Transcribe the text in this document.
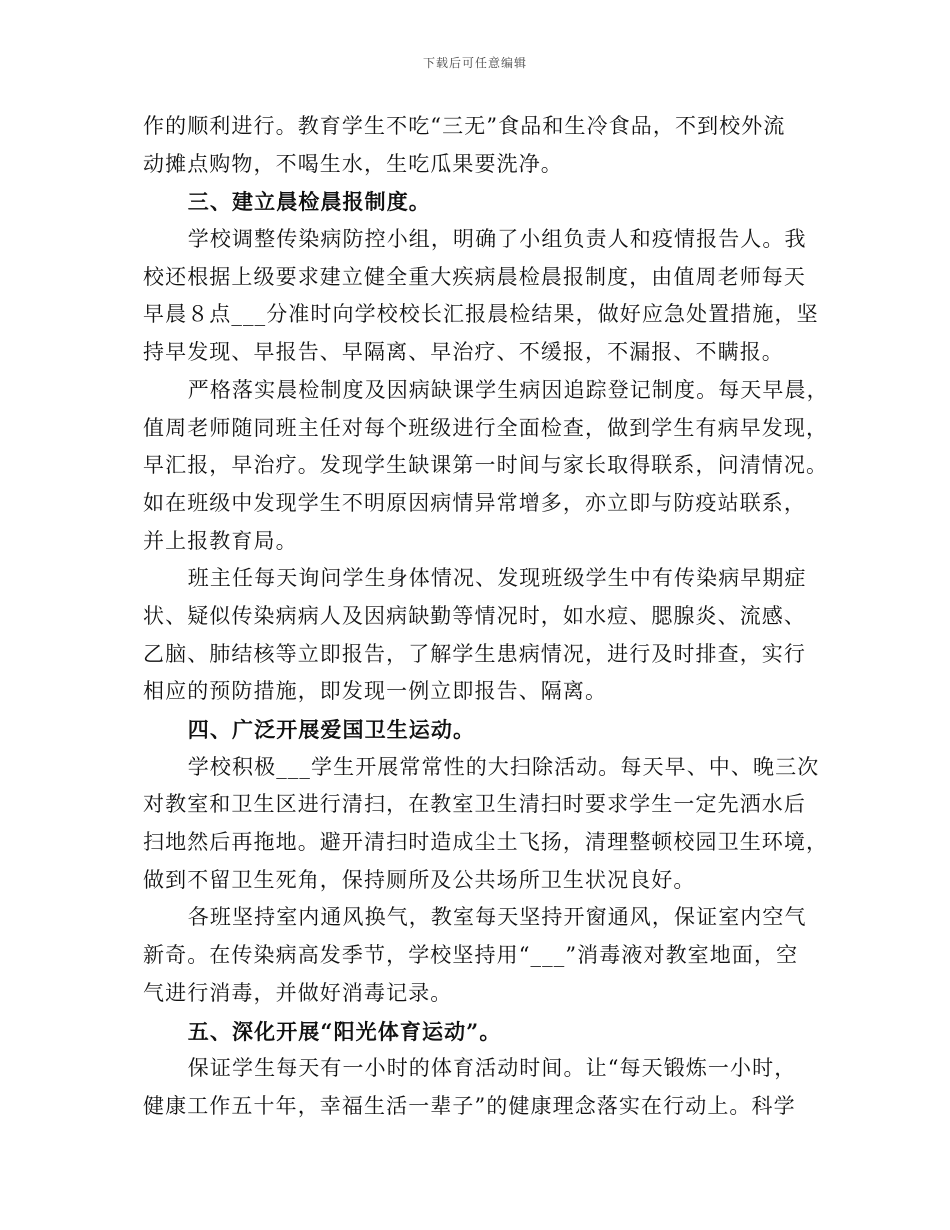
下载后可任意编辑
作的顺利进行。教育学生不吃“三无”食品和生冷食品，不到校外流
动摊点购物，不喝生水，生吃瓜果要洗净。
三、建立晨检晨报制度。
学校调整传染病防控小组，明确了小组负责人和疫情报告人。我
校还根据上级要求建立健全重大疾病晨检晨报制度，由值周老师每天
早晨８点___分准时向学校校长汇报晨检结果，做好应急处置措施，坚
持早发现、早报告、早隔离、早治疗、不缓报，不漏报、不瞒报。
严格落实晨检制度及因病缺课学生病因追踪登记制度。每天早晨，
值周老师随同班主任对每个班级进行全面检查，做到学生有病早发现，
早汇报，早治疗。发现学生缺课第一时间与家长取得联系，问清情况。
如在班级中发现学生不明原因病情异常增多，亦立即与防疫站联系，
并上报教育局。
班主任每天询问学生身体情况、发现班级学生中有传染病早期症
状、疑似传染病病人及因病缺勤等情况时，如水痘、腮腺炎、流感、
乙脑、肺结核等立即报告，了解学生患病情况，进行及时排查，实行
相应的预防措施，即发现一例立即报告、隔离。
四、广泛开展爱国卫生运动。
学校积极___学生开展常常性的大扫除活动。每天早、中、晚三次
对教室和卫生区进行清扫，在教室卫生清扫时要求学生一定先洒水后
扫地然后再拖地。避开清扫时造成尘土飞扬，清理整顿校园卫生环境，
做到不留卫生死角，保持厕所及公共场所卫生状况良好。
各班坚持室内通风换气，教室每天坚持开窗通风，保证室内空气
新奇。在传染病高发季节，学校坚持用“___”消毒液对教室地面，空
气进行消毒，并做好消毒记录。
五、深化开展“阳光体育运动”。
保证学生每天有一小时的体育活动时间。让“每天锻炼一小时，
健康工作五十年，幸福生活一辈子”的健康理念落实在行动上。科学
